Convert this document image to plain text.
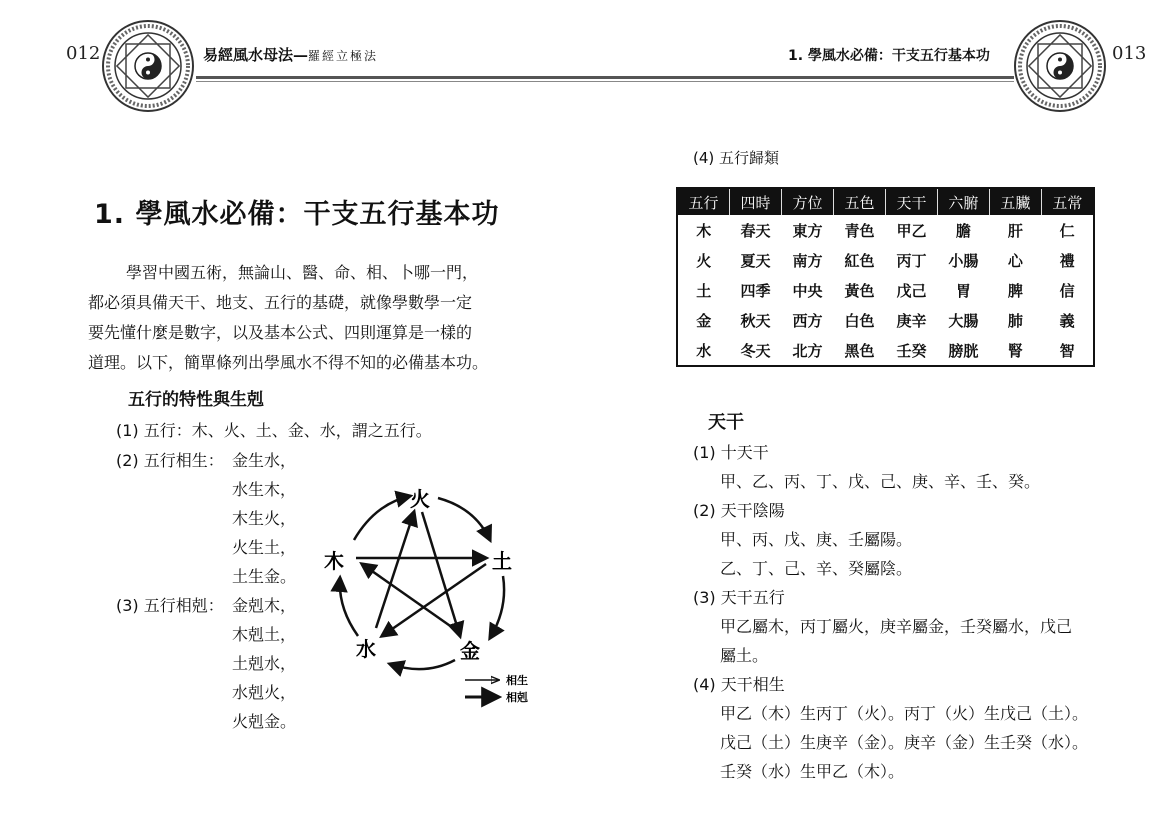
012	易經風水母法—羅經立極法	1. 學風水必備：干支五行基本功	013
1. 學風水必備：干支五行基本功
學習中國五術，無論山、醫、命、相、卜哪一門，
都必須具備天干、地支、五行的基礎，就像學數學一定
要先懂什麼是數字，以及基本公式、四則運算是一樣的
道理。以下，簡單條列出學風水不得不知的必備基本功。
五行的特性與生剋
(1) 五行：木、火、土、金、水，謂之五行。
(2) 五行相生： 金生水，
水生木，
木生火，
火生土，
土生金。
(3) 五行相剋： 金剋木，
木剋土，
土剋水，
水剋火，
火剋金。
火
土
金
水
木
相生
相剋
(4) 五行歸類
五行	四時	方位	五色	天干	六腑	五臟	五常
木	春天	東方	青色	甲乙	膽	肝	仁
火	夏天	南方	紅色	丙丁	小腸	心	禮
土	四季	中央	黃色	戊己	胃	脾	信
金	秋天	西方	白色	庚辛	大腸	肺	義
水	冬天	北方	黑色	壬癸	膀胱	腎	智
天干
(1) 十天干
甲、乙、丙、丁、戊、己、庚、辛、壬、癸。
(2) 天干陰陽
甲、丙、戊、庚、壬屬陽。
乙、丁、己、辛、癸屬陰。
(3) 天干五行
甲乙屬木，丙丁屬火，庚辛屬金，壬癸屬水，戊己
屬土。
(4) 天干相生
甲乙（木）生丙丁（火）。丙丁（火）生戊己（土）。
戊己（土）生庚辛（金）。庚辛（金）生壬癸（水）。
壬癸（水）生甲乙（木）。
